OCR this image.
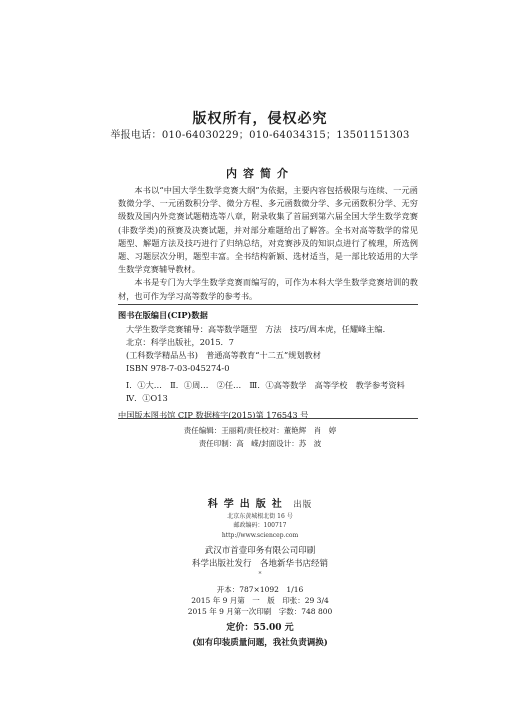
版权所有，侵权必究
举报电话：010-64030229；010-64034315；13501151303
内容简介

本书以“中国大学生数学竞赛大纲”为依据，主要内容包括极限与连续、一元函数微分学、一元函数积分学、微分方程、多元函数微分学、多元函数积分学、无穷级数及国内外竞赛试题精选等八章，附录收集了首届到第六届全国大学生数学竞赛(非数学类)的预赛及决赛试题，并对部分难题给出了解答。全书对高等数学的常见题型、解题方法及技巧进行了归纳总结，对竞赛涉及的知识点进行了梳理，所选例题、习题层次分明，题型丰富。全书结构新颖、选材适当，是一部比较适用的大学生数学竞赛辅导教材。

本书是专门为大学生数学竞赛而编写的，可作为本科大学生数学竞赛培训的教材，也可作为学习高等数学的参考书。

图书在版编目(CIP)数据
大学生数学竞赛辅导：高等数学题型　方法　技巧/周本虎，任耀峰主编．
北京：科学出版社，2015．7
(工科数学精品丛书)　普通高等教育“十二五”规划教材
ISBN 978-7-03-045274-0
Ⅰ．①大…　Ⅱ．①周…　②任…　Ⅲ．①高等数学　高等学校　教学参考资料
Ⅳ．①O13
中国版本图书馆 CIP 数据核字(2015)第 176543 号
责任编辑：王丽莉/责任校对：董艳辉　肖　婷
责任印制：高　嵘/封面设计：苏　波
科学出版社 出版
北京东黄城根北街 16 号
邮政编码：100717
http://www.sciencep.com
武汉市首壹印务有限公司印刷
科学出版社发行　各地新华书店经销
*
开本：787×1092　1/16
2015 年 9 月第　一　版　印张：29 3/4
2015 年 9 月第一次印刷　字数：748 800
定价：55.00 元
(如有印装质量问题，我社负责调换)
